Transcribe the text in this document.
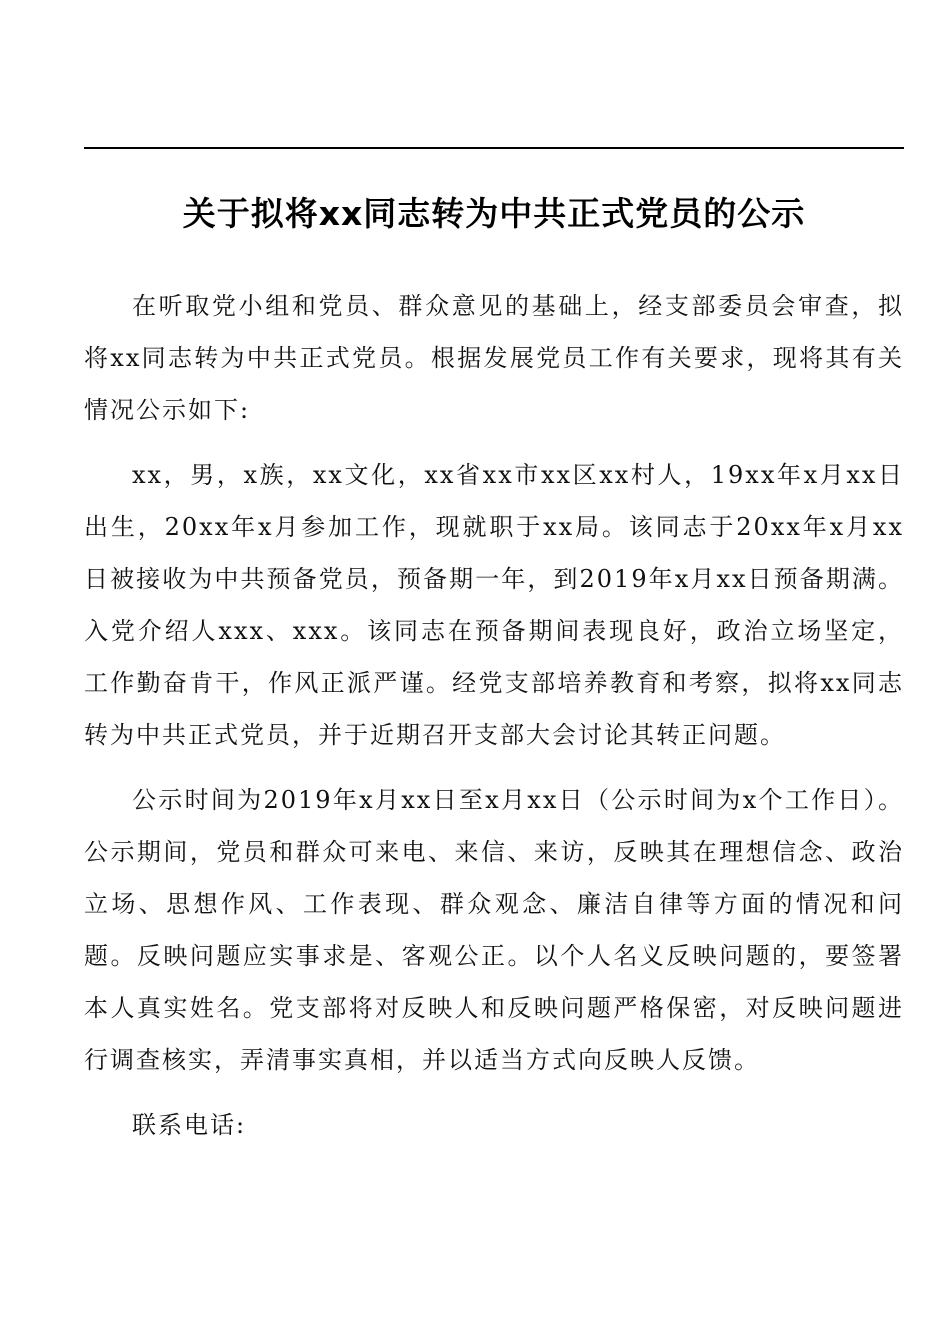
关于拟将xx同志转为中共正式党员的公示

在听取党小组和党员、群众意见的基础上，经支部委员会审查，拟将xx同志转为中共正式党员。根据发展党员工作有关要求，现将其有关情况公示如下:

xx，男，x族，xx文化，xx省xx市xx区xx村人，19xx年x月xx日出生，20xx年x月参加工作，现就职于xx局。该同志于20xx年x月xx日被接收为中共预备党员，预备期一年，到2019年x月xx日预备期满。入党介绍人xxx、xxx。该同志在预备期间表现良好，政治立场坚定，工作勤奋肯干，作风正派严谨。经党支部培养教育和考察，拟将xx同志转为中共正式党员，并于近期召开支部大会讨论其转正问题。

公示时间为2019年x月xx日至x月xx日（公示时间为x个工作日）。公示期间，党员和群众可来电、来信、来访，反映其在理想信念、政治立场、思想作风、工作表现、群众观念、廉洁自律等方面的情况和问题。反映问题应实事求是、客观公正。以个人名义反映问题的，要签署本人真实姓名。党支部将对反映人和反映问题严格保密，对反映问题进行调查核实，弄清事实真相，并以适当方式向反映人反馈。

联系电话:
